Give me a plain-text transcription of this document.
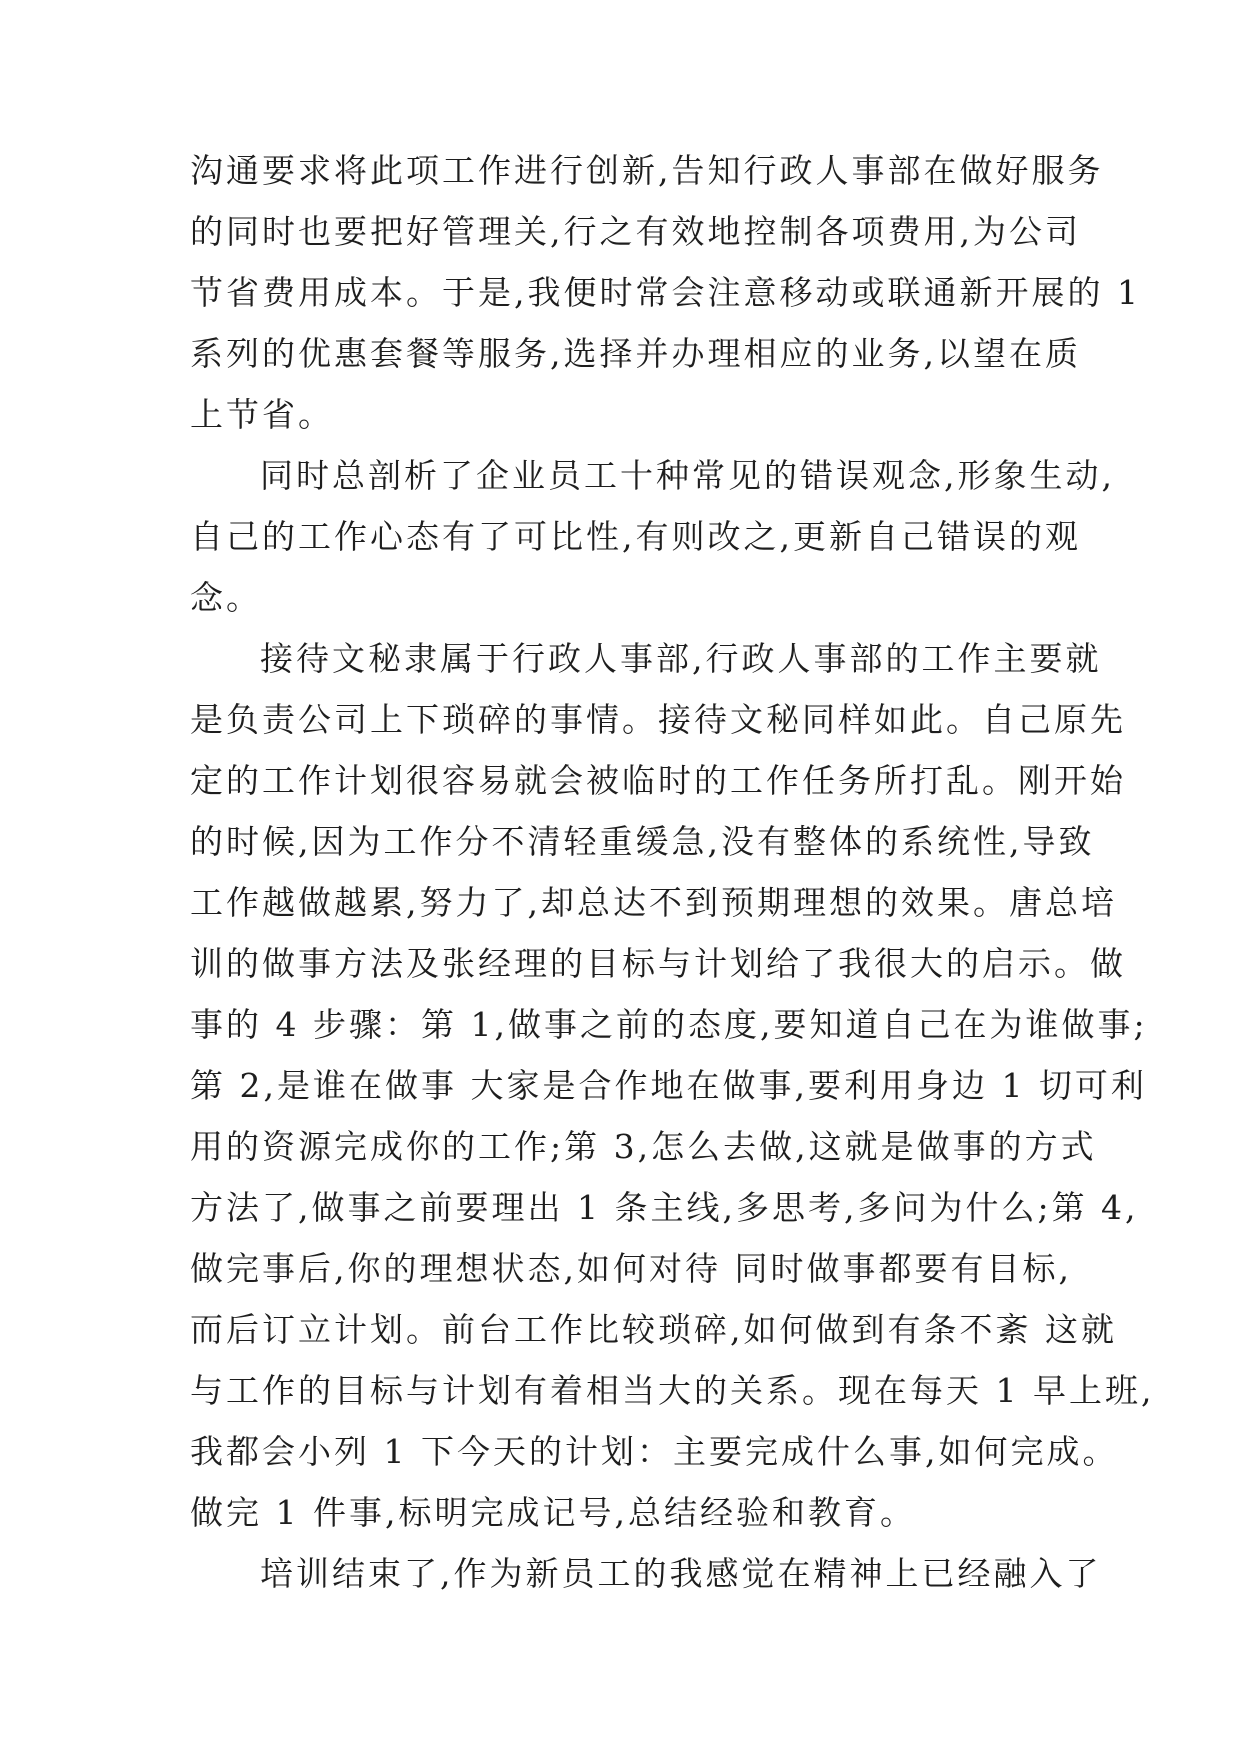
沟通要求将此项工作进行创新,告知行政人事部在做好服务
的同时也要把好管理关,行之有效地控制各项费用,为公司
节省费用成本。于是,我便时常会注意移动或联通新开展的 1
系列的优惠套餐等服务,选择并办理相应的业务,以望在质
上节省。
同时总剖析了企业员工十种常见的错误观念,形象生动,
自己的工作心态有了可比性,有则改之,更新自己错误的观
念。
接待文秘隶属于行政人事部,行政人事部的工作主要就
是负责公司上下琐碎的事情。接待文秘同样如此。自己原先
定的工作计划很容易就会被临时的工作任务所打乱。刚开始
的时候,因为工作分不清轻重缓急,没有整体的系统性,导致
工作越做越累,努力了,却总达不到预期理想的效果。唐总培
训的做事方法及张经理的目标与计划给了我很大的启示。做
事的 4 步骤：第 1,做事之前的态度,要知道自己在为谁做事;
第 2,是谁在做事 大家是合作地在做事,要利用身边 1 切可利
用的资源完成你的工作;第 3,怎么去做,这就是做事的方式
方法了,做事之前要理出 1 条主线,多思考,多问为什么;第 4,
做完事后,你的理想状态,如何对待 同时做事都要有目标,
而后订立计划。前台工作比较琐碎,如何做到有条不紊 这就
与工作的目标与计划有着相当大的关系。现在每天 1 早上班,
我都会小列 1 下今天的计划：主要完成什么事,如何完成。
做完 1 件事,标明完成记号,总结经验和教育。
培训结束了,作为新员工的我感觉在精神上已经融入了
